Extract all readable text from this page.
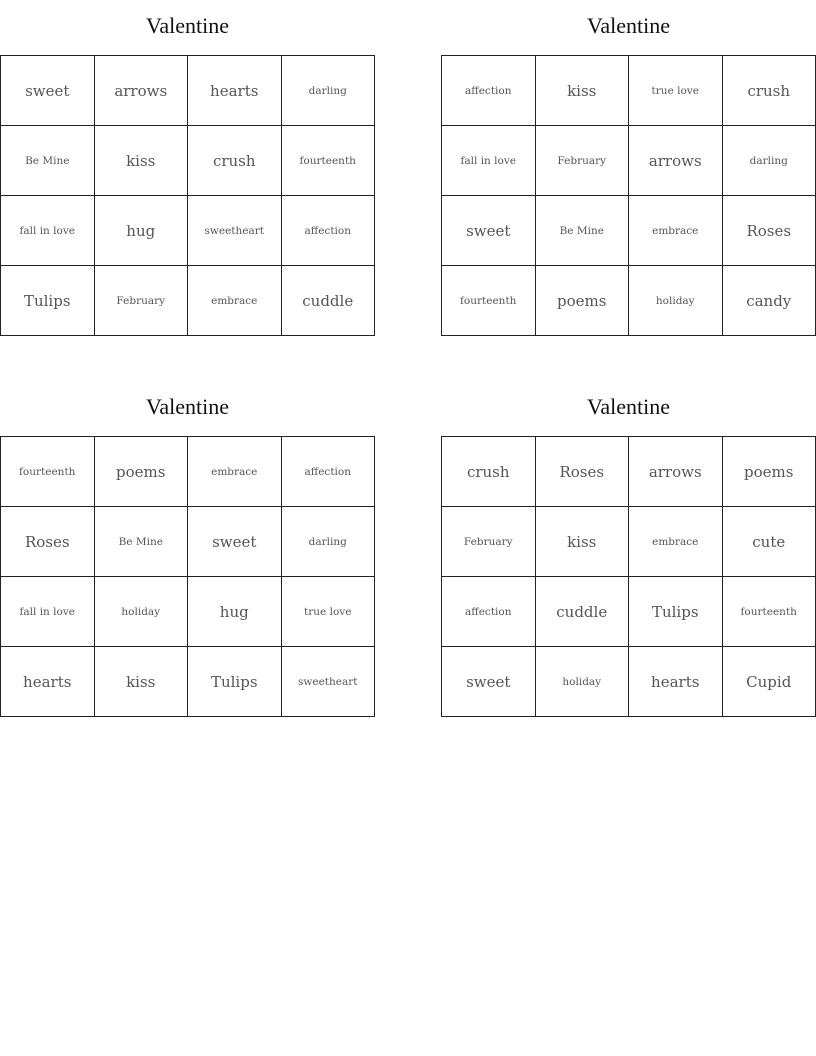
Valentine
sweet	arrows	hearts	darling
Be Mine	kiss	crush	fourteenth
fall in love	hug	sweetheart	affection
Tulips	February	embrace	cuddle
Valentine
affection	kiss	true love	crush
fall in love	February	arrows	darling
sweet	Be Mine	embrace	Roses
fourteenth	poems	holiday	candy
Valentine
fourteenth	poems	embrace	affection
Roses	Be Mine	sweet	darling
fall in love	holiday	hug	true love
hearts	kiss	Tulips	sweetheart
Valentine
crush	Roses	arrows	poems
February	kiss	embrace	cute
affection	cuddle	Tulips	fourteenth
sweet	holiday	hearts	Cupid
